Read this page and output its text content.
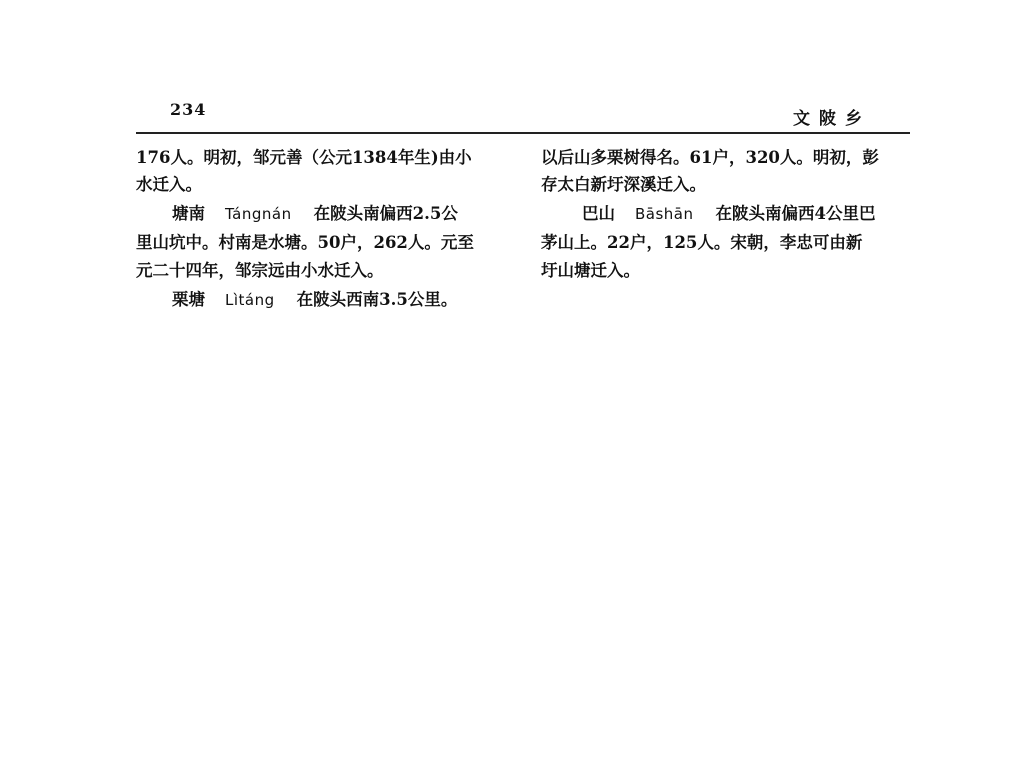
234	文陂乡
176人。明初，邹元善（公元1384年生)由小
水迁入。
塘南 Tángnán 在陂头南偏西2.5公
里山坑中。村南是水塘。50户，262人。元至
元二十四年，邹宗远由小水迁入。
栗塘 Lìtáng 在陂头西南3.5公里。
以后山多栗树得名。61户，320人。明初，彭
存太白新圩深溪迁入。
巴山 Bāshān 在陂头南偏西4公里巴
茅山上。22户，125人。宋朝，李忠可由新
圩山塘迁入。
